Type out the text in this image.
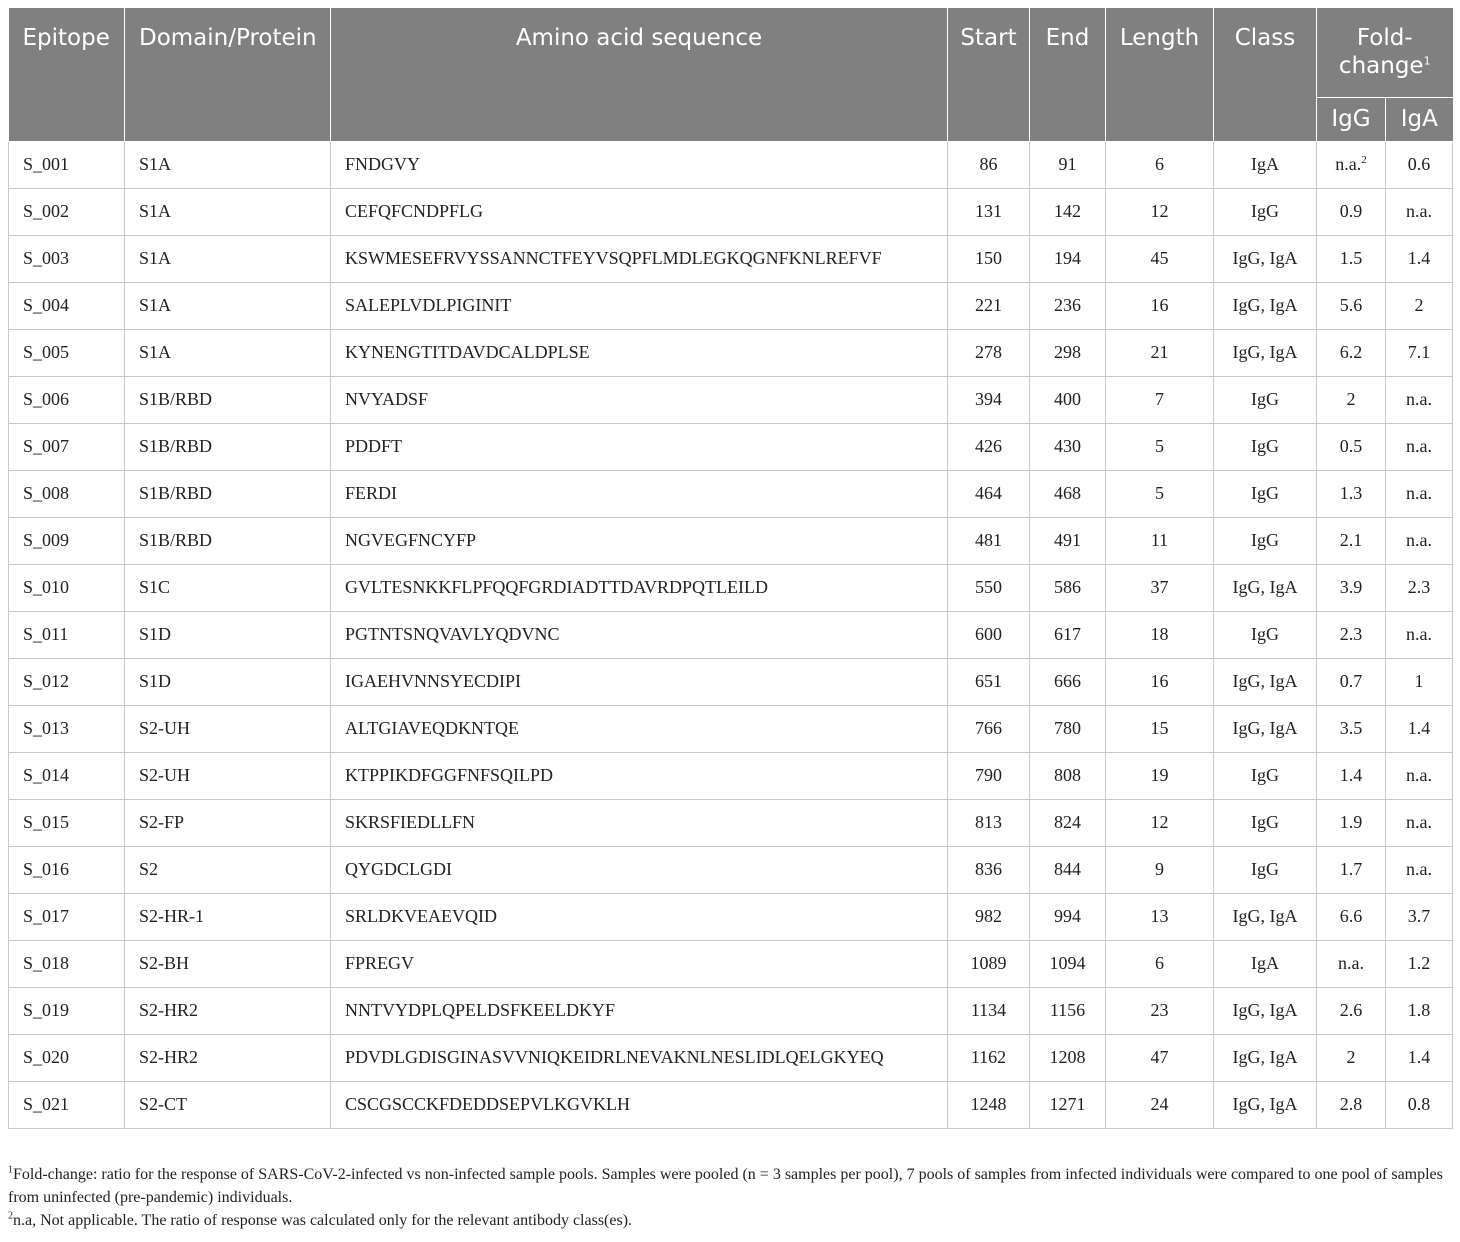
Epitope	Domain/Protein	Amino acid sequence	Start	End	Length	Class	Fold-
change$^1$
							IgG	IgA
S_001	S1A	FNDGVY	86	91	6	IgA	n.a.$^2$	0.6
S_002	S1A	CEFQFCNDPFLG	131	142	12	IgG	0.9	n.a.
S_003	S1A	KSWMESEFRVYSSANNCTFEYVSQPFLMDLEGKQGNFKNLREFVF	150	194	45	IgG, IgA	1.5	1.4
S_004	S1A	SALEPLVDLPIGINIT	221	236	16	IgG, IgA	5.6	2
S_005	S1A	KYNENGTITDAVDCALDPLSE	278	298	21	IgG, IgA	6.2	7.1
S_006	S1B/RBD	NVYADSF	394	400	7	IgG	2	n.a.
S_007	S1B/RBD	PDDFT	426	430	5	IgG	0.5	n.a.
S_008	S1B/RBD	FERDI	464	468	5	IgG	1.3	n.a.
S_009	S1B/RBD	NGVEGFNCYFP	481	491	11	IgG	2.1	n.a.
S_010	S1C	GVLTESNKKFLPFQQFGRDIADTTDAVRDPQTLEILD	550	586	37	IgG, IgA	3.9	2.3
S_011	S1D	PGTNTSNQVAVLYQDVNC	600	617	18	IgG	2.3	n.a.
S_012	S1D	IGAEHVNNSYECDIPI	651	666	16	IgG, IgA	0.7	1
S_013	S2-UH	ALTGIAVEQDKNTQE	766	780	15	IgG, IgA	3.5	1.4
S_014	S2-UH	KTPPIKDFGGFNFSQILPD	790	808	19	IgG	1.4	n.a.
S_015	S2-FP	SKRSFIEDLLFN	813	824	12	IgG	1.9	n.a.
S_016	S2	QYGDCLGDI	836	844	9	IgG	1.7	n.a.
S_017	S2-HR-1	SRLDKVEAEVQID	982	994	13	IgG, IgA	6.6	3.7
S_018	S2-BH	FPREGV	1089	1094	6	IgA	n.a.	1.2
S_019	S2-HR2	NNTVYDPLQPELDSFKEELDKYF	1134	1156	23	IgG, IgA	2.6	1.8
S_020	S2-HR2	PDVDLGDISGINASVVNIQKEIDRLNEVAKNLNESLIDLQELGKYEQ	1162	1208	47	IgG, IgA	2	1.4
S_021	S2-CT	CSCGSCCKFDEDDSEPVLKGVKLH	1248	1271	24	IgG, IgA	2.8	0.8

$^1$Fold-change: ratio for the response of SARS-CoV-2-infected vs non-infected sample pools. Samples were pooled (n = 3 samples per pool), 7 pools of samples from infected individuals were compared to one pool of samples from uninfected (pre-pandemic) individuals.

$^2$n.a, Not applicable. The ratio of response was calculated only for the relevant antibody class(es).
